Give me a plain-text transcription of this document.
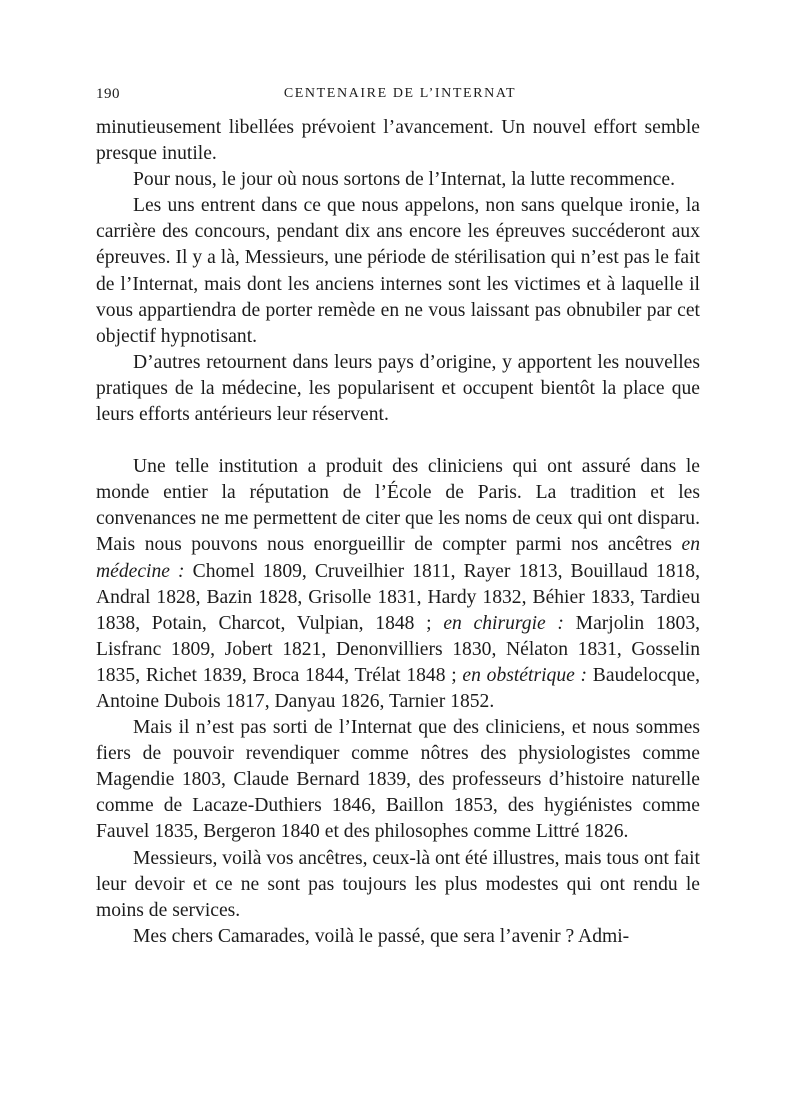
190	CENTENAIRE DE L’INTERNAT

minutieusement libellées prévoient l’avancement. Un nouvel effort semble presque inutile.

Pour nous, le jour où nous sortons de l’Internat, la lutte recommence.

Les uns entrent dans ce que nous appelons, non sans quelque ironie, la carrière des concours, pendant dix ans encore les épreuves succéderont aux épreuves. Il y a là, Messieurs, une période de stérilisation qui n’est pas le fait de l’Internat, mais dont les anciens internes sont les victimes et à laquelle il vous appartiendra de porter remède en ne vous laissant pas obnubiler par cet objectif hypnotisant.

D’autres retournent dans leurs pays d’origine, y apportent les nouvelles pratiques de la médecine, les popularisent et occupent bientôt la place que leurs efforts antérieurs leur réservent.

Une telle institution a produit des cliniciens qui ont assuré dans le monde entier la réputation de l’École de Paris. La tradition et les convenances ne me permettent de citer que les noms de ceux qui ont disparu. Mais nous pouvons nous enorgueillir de compter parmi nos ancêtres en médecine : Chomel 1809, Cruveilhier 1811, Rayer 1813, Bouillaud 1818, Andral 1828, Bazin 1828, Grisolle 1831, Hardy 1832, Béhier 1833, Tardieu 1838, Potain, Charcot, Vulpian, 1848 ; en chirurgie : Marjolin 1803, Lisfranc 1809, Jobert 1821, Denonvilliers 1830, Nélaton 1831, Gosselin 1835, Richet 1839, Broca 1844, Trélat 1848 ; en obstétrique : Baudelocque, Antoine Dubois 1817, Danyau 1826, Tarnier 1852.

Mais il n’est pas sorti de l’Internat que des cliniciens, et nous sommes fiers de pouvoir revendiquer comme nôtres des physiologistes comme Magendie 1803, Claude Bernard 1839, des professeurs d’histoire naturelle comme de Lacaze-Duthiers 1846, Baillon 1853, des hygiénistes comme Fauvel 1835, Bergeron 1840 et des philosophes comme Littré 1826.

Messieurs, voilà vos ancêtres, ceux-là ont été illustres, mais tous ont fait leur devoir et ce ne sont pas toujours les plus modestes qui ont rendu le moins de services.

Mes chers Camarades, voilà le passé, que sera l’avenir ? Admi-
